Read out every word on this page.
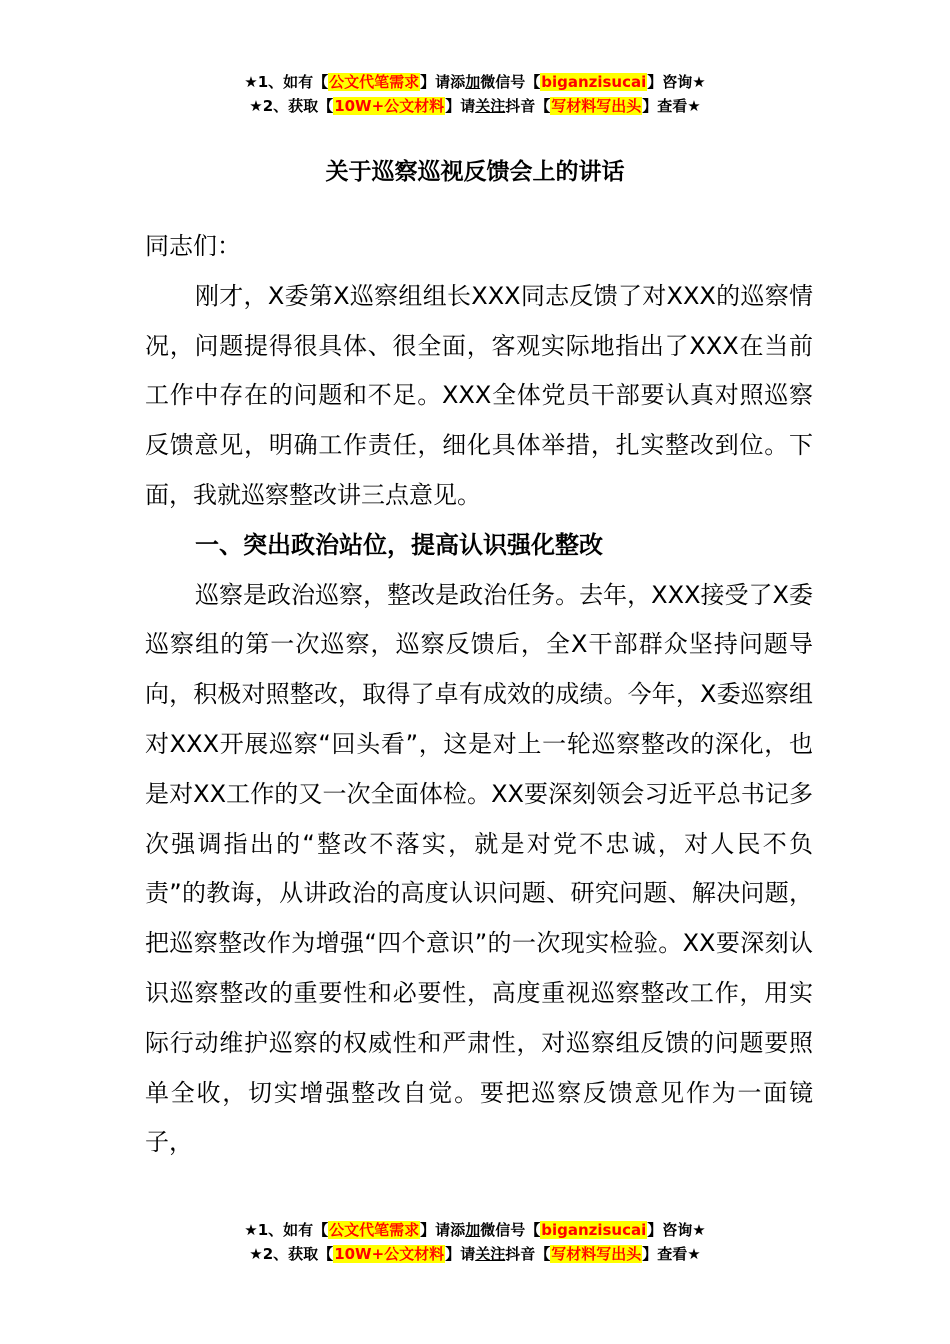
★1、如有【公文代笔需求】请添加微信号【biganzisucai】咨询★
★2、获取【10W+公文材料】请关注抖音【写材料写出头】查看★
关于巡察巡视反馈会上的讲话

同志们：

刚才，X委第X巡察组组长XXX同志反馈了对XXX的巡察情况，问题提得很具体、很全面，客观实际地指出了XXX在当前工作中存在的问题和不足。XXX全体党员干部要认真对照巡察反馈意见，明确工作责任，细化具体举措，扎实整改到位。下面，我就巡察整改讲三点意见。

一、突出政治站位，提高认识强化整改

巡察是政治巡察，整改是政治任务。去年，XXX接受了X委巡察组的第一次巡察，巡察反馈后，全X干部群众坚持问题导向，积极对照整改，取得了卓有成效的成绩。今年，X委巡察组对XXX开展巡察“回头看”，这是对上一轮巡察整改的深化，也是对XX工作的又一次全面体检。XX要深刻领会习近平总书记多次强调指出的“整改不落实，就是对党不忠诚，对人民不负责”的教诲，从讲政治的高度认识问题、研究问题、解决问题，把巡察整改作为增强“四个意识”的一次现实检验。XX要深刻认识巡察整改的重要性和必要性，高度重视巡察整改工作，用实际行动维护巡察的权威性和严肃性，对巡察组反馈的问题要照单全收，切实增强整改自觉。要把巡察反馈意见作为一面镜子，

★1、如有【公文代笔需求】请添加微信号【biganzisucai】咨询★
★2、获取【10W+公文材料】请关注抖音【写材料写出头】查看★
